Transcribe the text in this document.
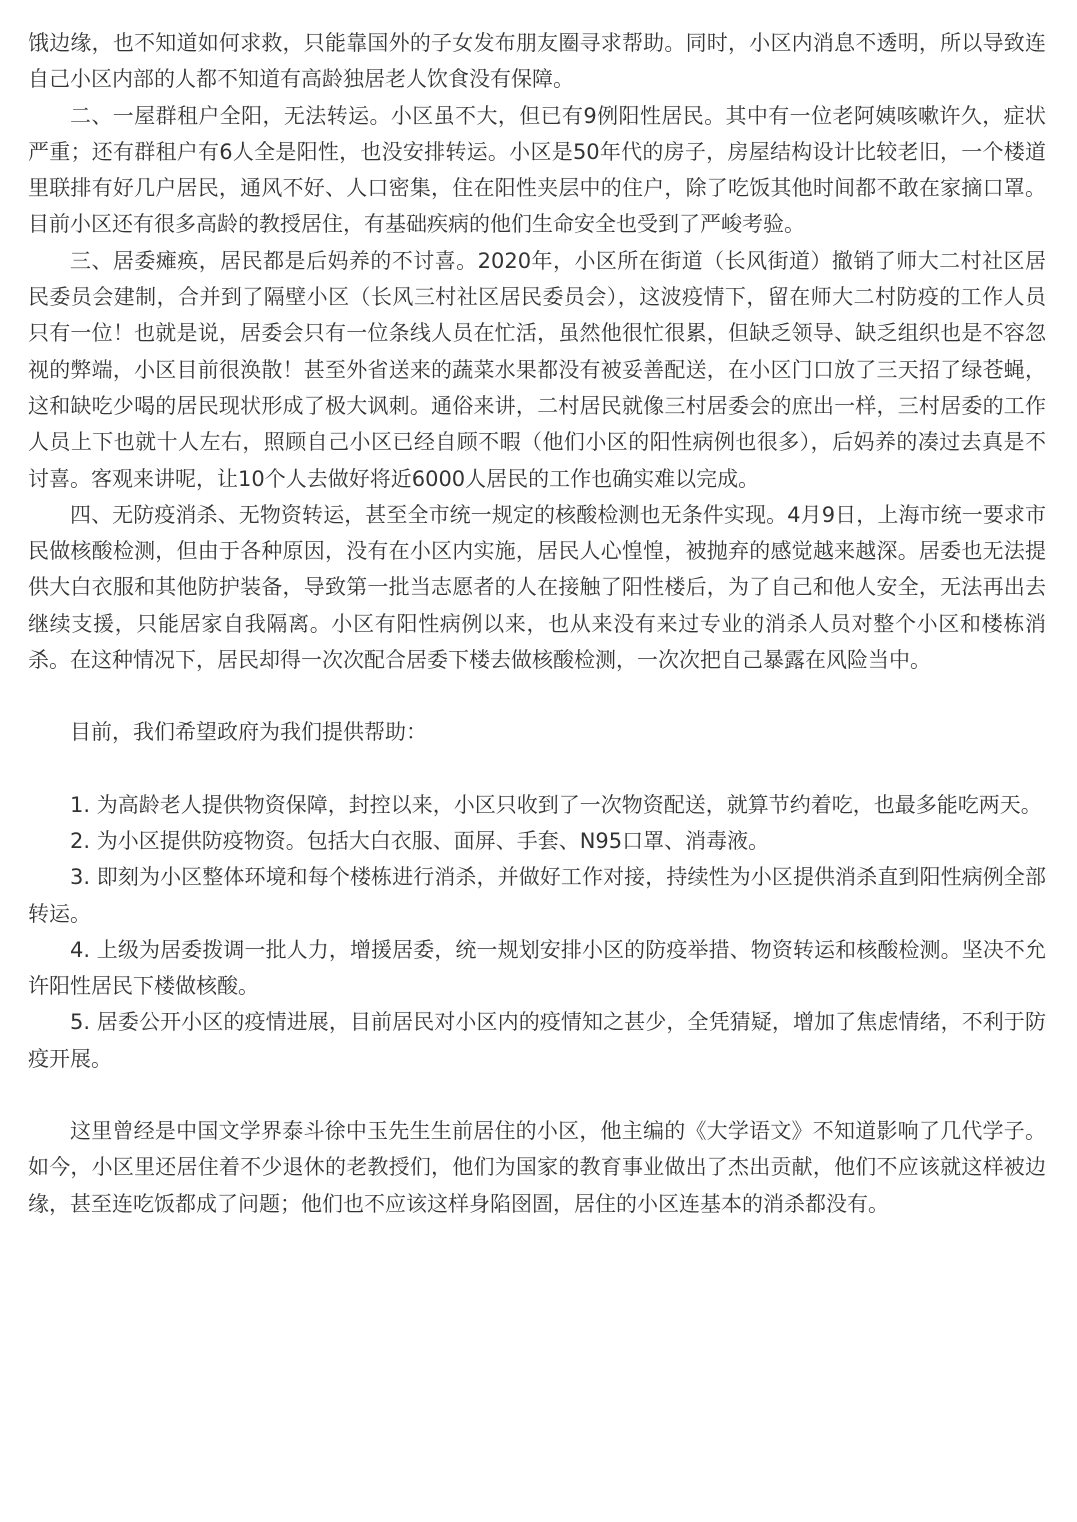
饿边缘，也不知道如何求救，只能靠国外的子女发布朋友圈寻求帮助。同时，小区内消息不透明，所以导致连自己小区内部的人都不知道有高龄独居老人饮食没有保障。

二、一屋群租户全阳，无法转运。小区虽不大，但已有9例阳性居民。其中有一位老阿姨咳嗽许久，症状严重；还有群租户有6人全是阳性，也没安排转运。小区是50年代的房子，房屋结构设计比较老旧，一个楼道里联排有好几户居民，通风不好、人口密集，住在阳性夹层中的住户，除了吃饭其他时间都不敢在家摘口罩。目前小区还有很多高龄的教授居住，有基础疾病的他们生命安全也受到了严峻考验。

三、居委瘫痪，居民都是后妈养的不讨喜。2020年，小区所在街道（长风街道）撤销了师大二村社区居民委员会建制，合并到了隔壁小区（长风三村社区居民委员会），这波疫情下，留在师大二村防疫的工作人员只有一位！也就是说，居委会只有一位条线人员在忙活，虽然他很忙很累，但缺乏领导、缺乏组织也是不容忽视的弊端，小区目前很涣散！甚至外省送来的蔬菜水果都没有被妥善配送，在小区门口放了三天招了绿苍蝇，这和缺吃少喝的居民现状形成了极大讽刺。通俗来讲，二村居民就像三村居委会的庶出一样，三村居委的工作人员上下也就十人左右，照顾自己小区已经自顾不暇（他们小区的阳性病例也很多），后妈养的凑过去真是不讨喜。客观来讲呢，让10个人去做好将近6000人居民的工作也确实难以完成。

四、无防疫消杀、无物资转运，甚至全市统一规定的核酸检测也无条件实现。4月9日，上海市统一要求市民做核酸检测，但由于各种原因，没有在小区内实施，居民人心惶惶，被抛弃的感觉越来越深。居委也无法提供大白衣服和其他防护装备，导致第一批当志愿者的人在接触了阳性楼后，为了自己和他人安全，无法再出去继续支援，只能居家自我隔离。小区有阳性病例以来，也从来没有来过专业的消杀人员对整个小区和楼栋消杀。在这种情况下，居民却得一次次配合居委下楼去做核酸检测，一次次把自己暴露在风险当中。

目前，我们希望政府为我们提供帮助：

1. 为高龄老人提供物资保障，封控以来，小区只收到了一次物资配送，就算节约着吃，也最多能吃两天。

2. 为小区提供防疫物资。包括大白衣服、面屏、手套、N95口罩、消毒液。

3. 即刻为小区整体环境和每个楼栋进行消杀，并做好工作对接，持续性为小区提供消杀直到阳性病例全部转运。

4. 上级为居委拨调一批人力，增援居委，统一规划安排小区的防疫举措、物资转运和核酸检测。坚决不允许阳性居民下楼做核酸。

5. 居委公开小区的疫情进展，目前居民对小区内的疫情知之甚少，全凭猜疑，增加了焦虑情绪，不利于防疫开展。

这里曾经是中国文学界泰斗徐中玉先生生前居住的小区，他主编的《大学语文》不知道影响了几代学子。如今，小区里还居住着不少退休的老教授们，他们为国家的教育事业做出了杰出贡献，他们不应该就这样被边缘，甚至连吃饭都成了问题；他们也不应该这样身陷囹圄，居住的小区连基本的消杀都没有。
